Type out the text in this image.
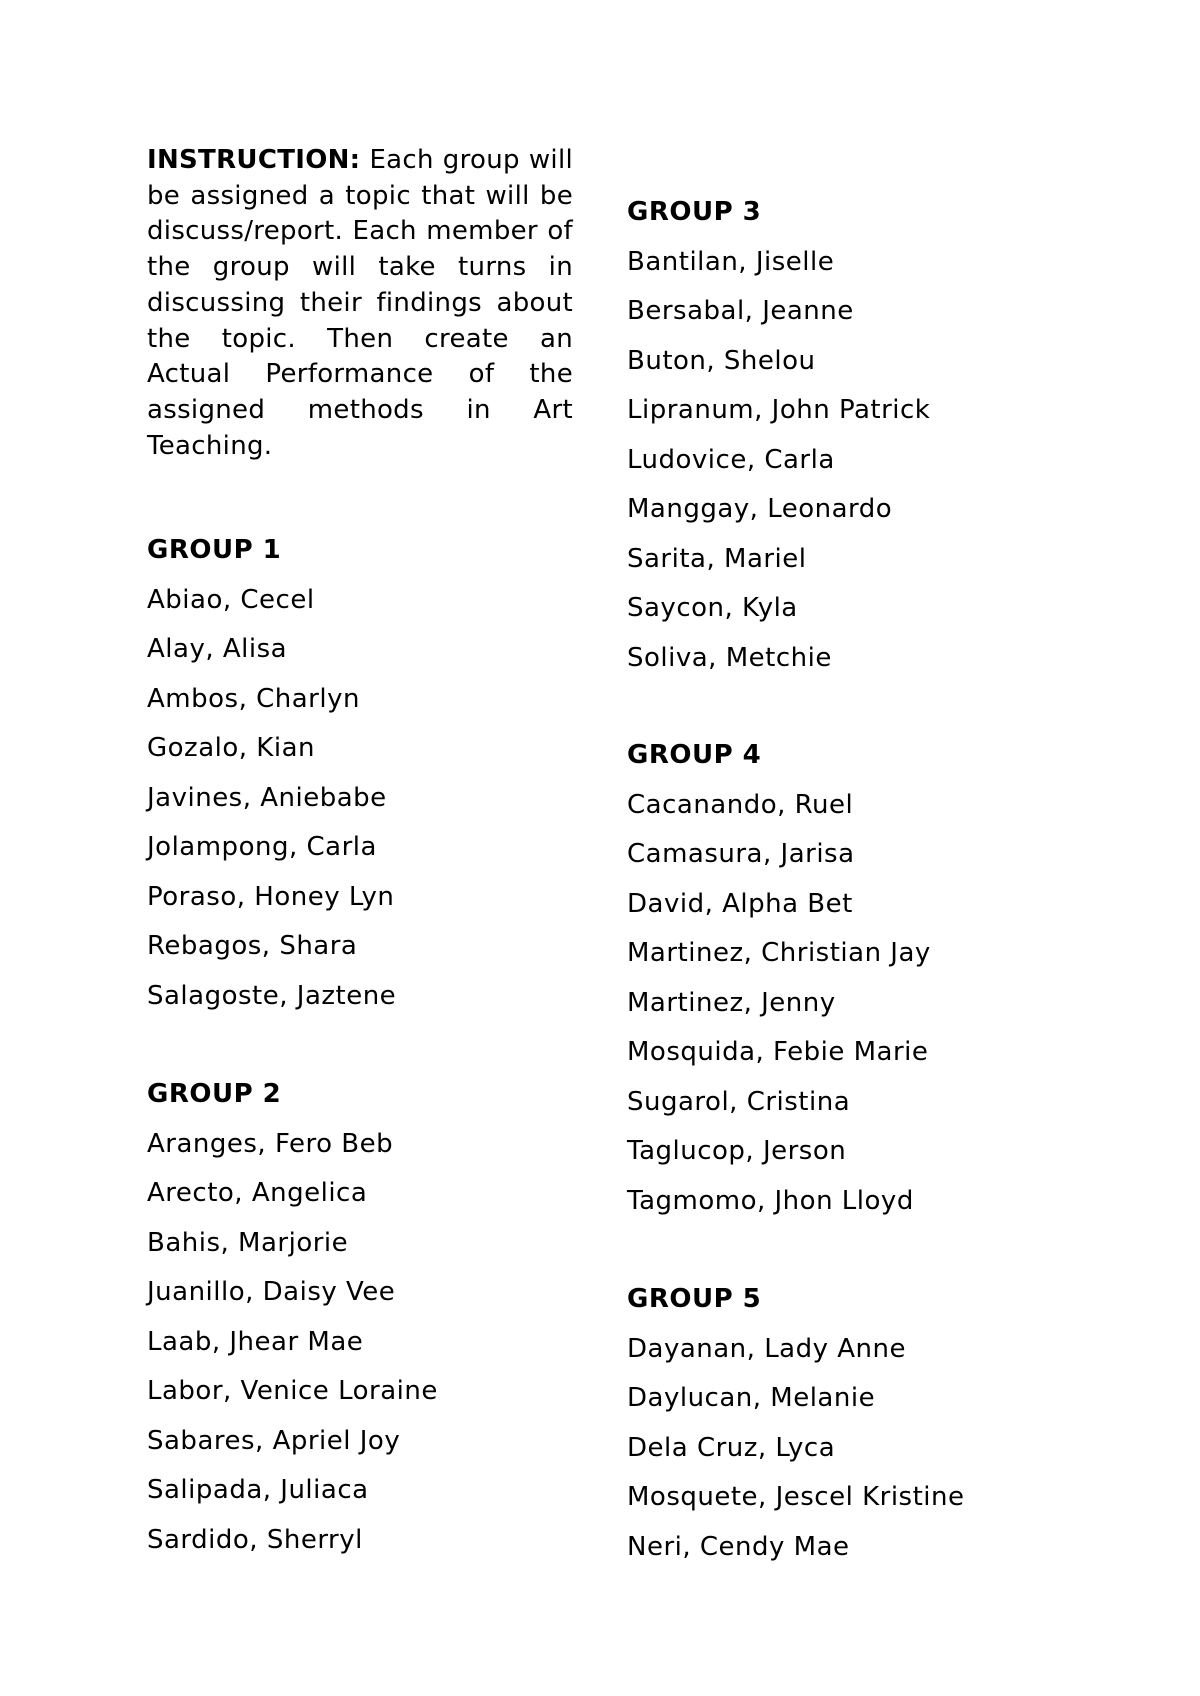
INSTRUCTION: Each group will be assigned a topic that will be discuss/report. Each member of the group will take turns in discussing their findings about the topic. Then create an Actual Performance of the assigned methods in Art Teaching.

GROUP 1
Abiao, Cecel
Alay, Alisa
Ambos, Charlyn
Gozalo, Kian
Javines, Aniebabe
Jolampong, Carla
Poraso, Honey Lyn
Rebagos, Shara
Salagoste, Jaztene
GROUP 2
Aranges, Fero Beb
Arecto, Angelica
Bahis, Marjorie
Juanillo, Daisy Vee
Laab, Jhear Mae
Labor, Venice Loraine
Sabares, Apriel Joy
Salipada, Juliaca
Sardido, Sherryl
GROUP 3
Bantilan, Jiselle
Bersabal, Jeanne
Buton, Shelou
Lipranum, John Patrick
Ludovice, Carla
Manggay, Leonardo
Sarita, Mariel
Saycon, Kyla
Soliva, Metchie
GROUP 4
Cacanando, Ruel
Camasura, Jarisa
David, Alpha Bet
Martinez, Christian Jay
Martinez, Jenny
Mosquida, Febie Marie
Sugarol, Cristina
Taglucop, Jerson
Tagmomo, Jhon Lloyd
GROUP 5
Dayanan, Lady Anne
Daylucan, Melanie
Dela Cruz, Lyca
Mosquete, Jescel Kristine
Neri, Cendy Mae
